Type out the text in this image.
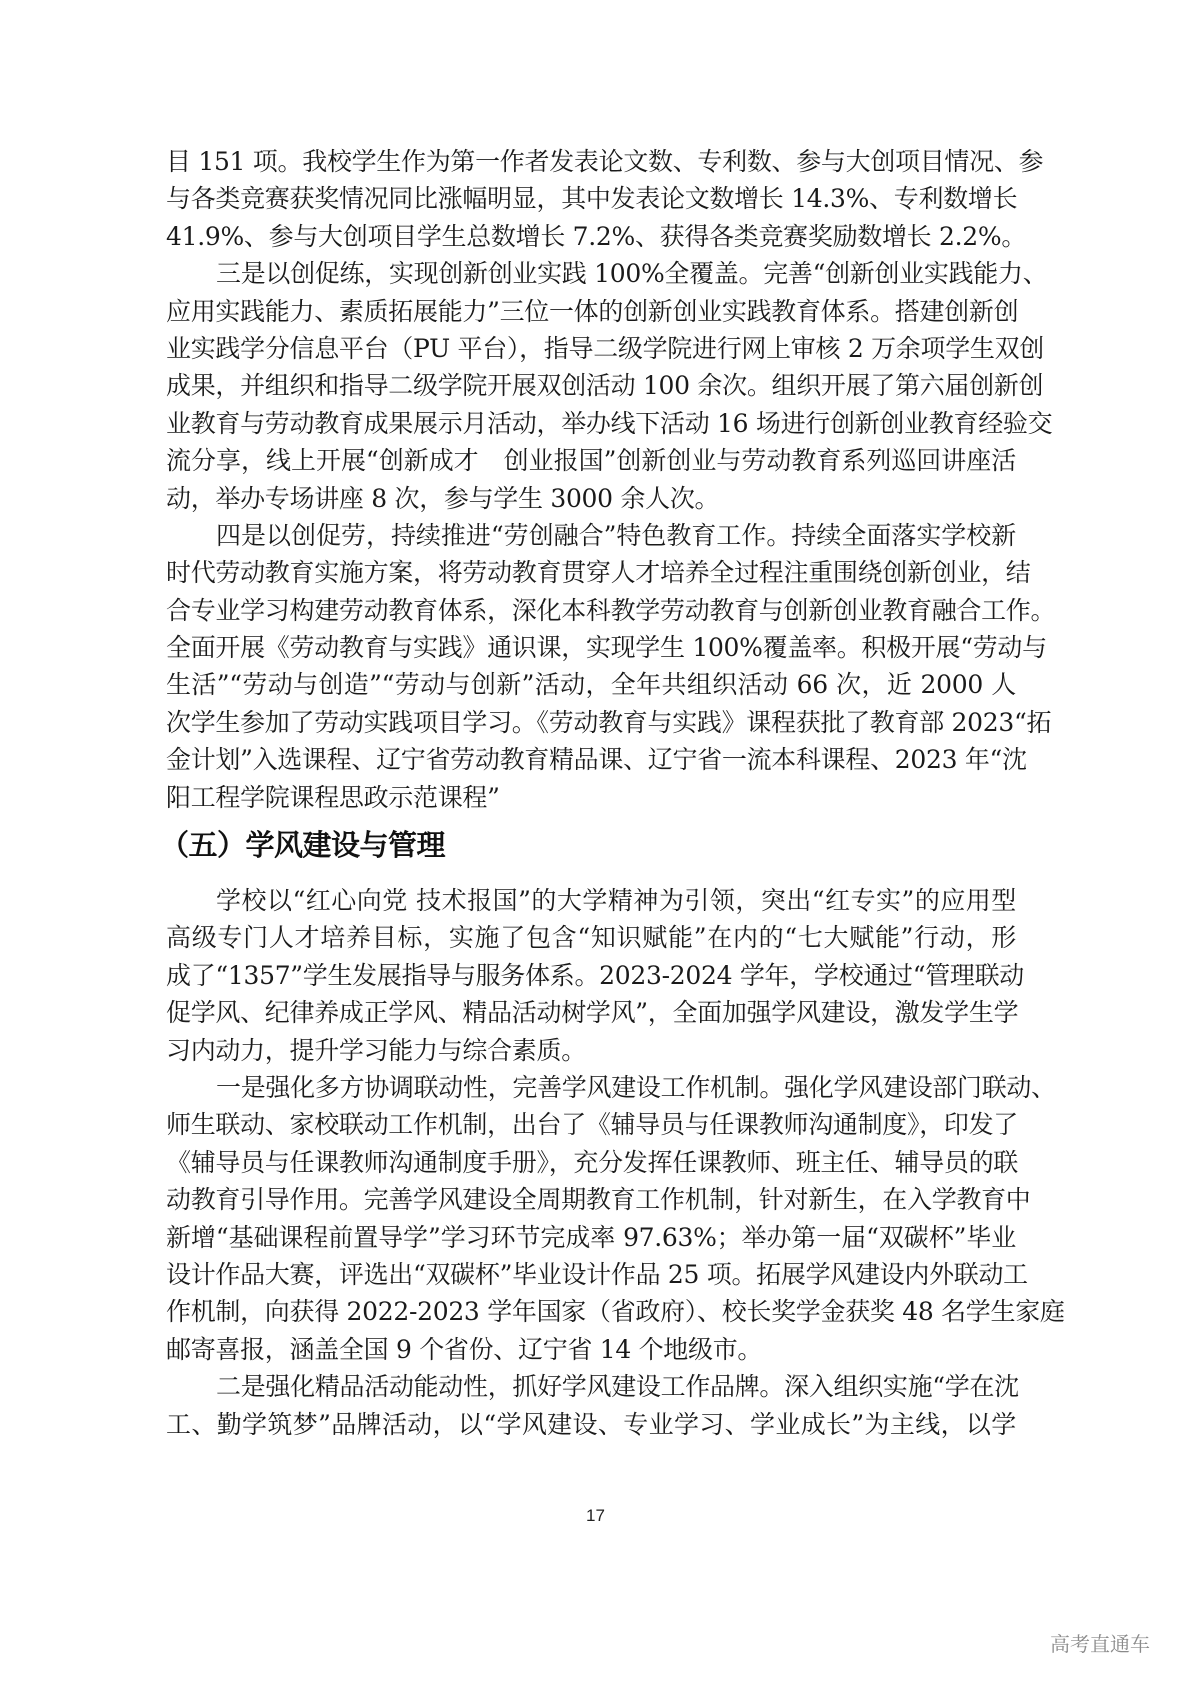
目 151 项。我校学生作为第一作者发表论文数、专利数、参与大创项目情况、参
与各类竞赛获奖情况同比涨幅明显，其中发表论文数增长 14.3%、专利数增长
41.9%、参与大创项目学生总数增长 7.2%、获得各类竞赛奖励数增长 2.2%。
三是以创促练，实现创新创业实践 100%全覆盖。完善“创新创业实践能力、
应用实践能力、素质拓展能力”三位一体的创新创业实践教育体系。搭建创新创
业实践学分信息平台（PU 平台），指导二级学院进行网上审核 2 万余项学生双创
成果，并组织和指导二级学院开展双创活动 100 余次。组织开展了第六届创新创
业教育与劳动教育成果展示月活动，举办线下活动 16 场进行创新创业教育经验交
流分享，线上开展“创新成才　创业报国”创新创业与劳动教育系列巡回讲座活
动，举办专场讲座 8 次，参与学生 3000 余人次。
四是以创促劳，持续推进“劳创融合”特色教育工作。持续全面落实学校新
时代劳动教育实施方案，将劳动教育贯穿人才培养全过程注重围绕创新创业，结
合专业学习构建劳动教育体系，深化本科教学劳动教育与创新创业教育融合工作。
全面开展《劳动教育与实践》通识课，实现学生 100%覆盖率。积极开展“劳动与
生活”“劳动与创造”“劳动与创新”活动，全年共组织活动 66 次，近 2000 人
次学生参加了劳动实践项目学习。《劳动教育与实践》课程获批了教育部 2023“拓
金计划”入选课程、辽宁省劳动教育精品课、辽宁省一流本科课程、2023 年“沈
阳工程学院课程思政示范课程”
（五）学风建设与管理
学校以“红心向党 技术报国”的大学精神为引领，突出“红专实”的应用型
高级专门人才培养目标，实施了包含“知识赋能”在内的“七大赋能”行动，形
成了“1357”学生发展指导与服务体系。2023-2024 学年，学校通过“管理联动
促学风、纪律养成正学风、精品活动树学风”，全面加强学风建设，激发学生学
习内动力，提升学习能力与综合素质。
一是强化多方协调联动性，完善学风建设工作机制。强化学风建设部门联动、
师生联动、家校联动工作机制，出台了《辅导员与任课教师沟通制度》，印发了
《辅导员与任课教师沟通制度手册》，充分发挥任课教师、班主任、辅导员的联
动教育引导作用。完善学风建设全周期教育工作机制，针对新生，在入学教育中
新增“基础课程前置导学”学习环节完成率 97.63%；举办第一届“双碳杯”毕业
设计作品大赛，评选出“双碳杯”毕业设计作品 25 项。拓展学风建设内外联动工
作机制，向获得 2022-2023 学年国家（省政府）、校长奖学金获奖 48 名学生家庭
邮寄喜报，涵盖全国 9 个省份、辽宁省 14 个地级市。
二是强化精品活动能动性，抓好学风建设工作品牌。深入组织实施“学在沈
工、勤学筑梦”品牌活动，以“学风建设、专业学习、学业成长”为主线，以学
17
高考直通车
